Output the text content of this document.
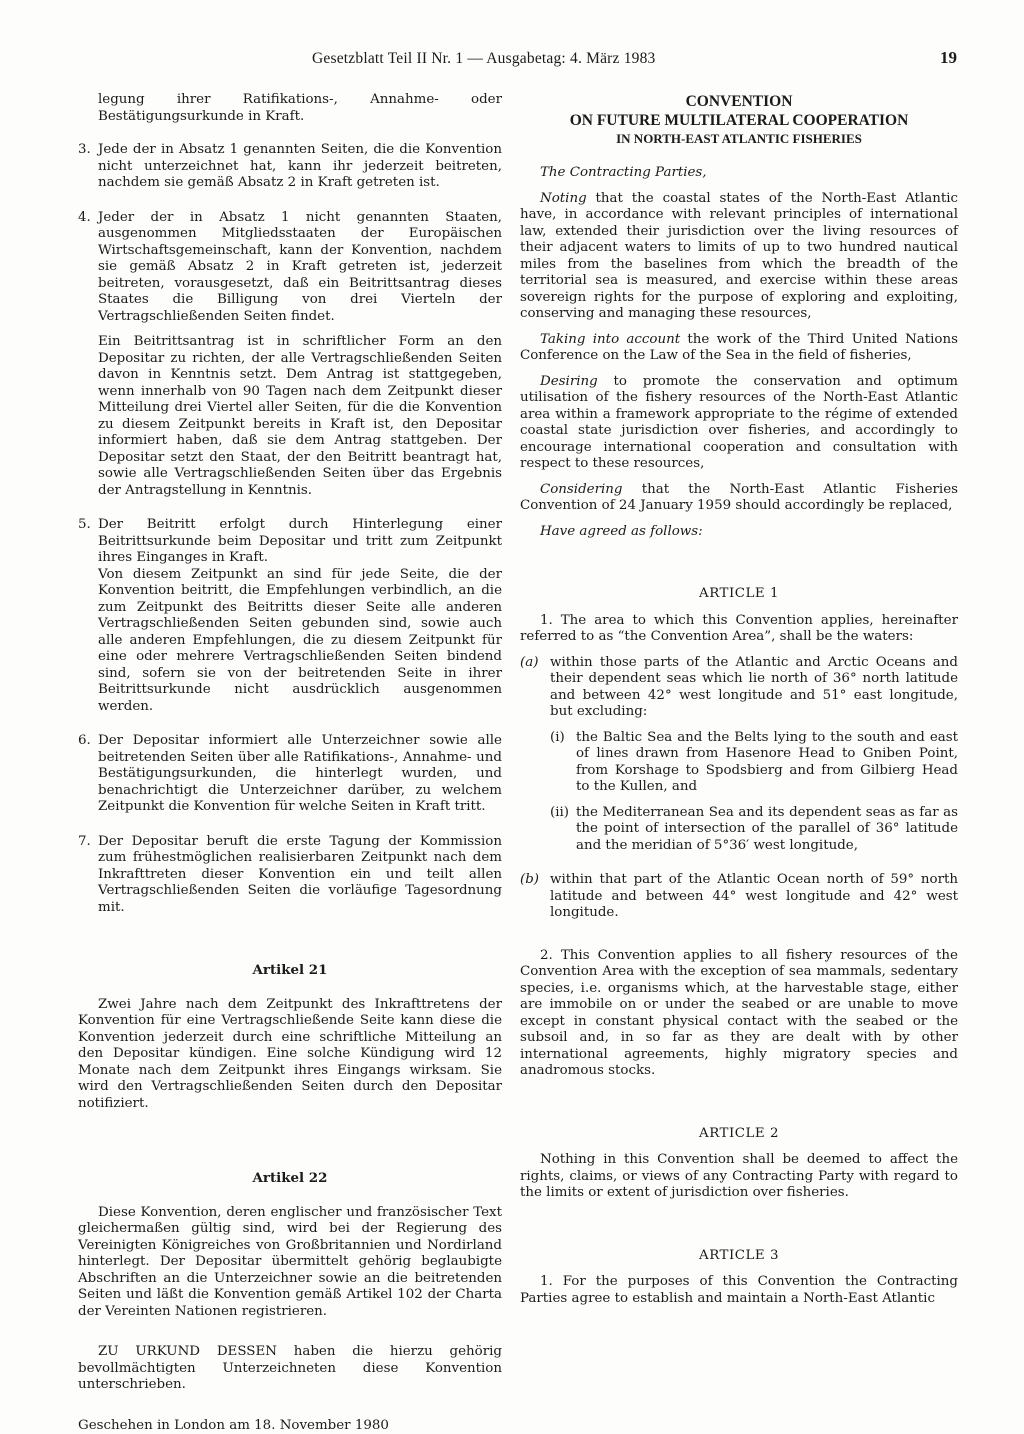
Gesetzblatt Teil II Nr. 1 — Ausgabetag: 4. März 1983	19

legung ihrer Ratifikations-, Annahme- oder Bestätigungsurkunde in Kraft.

3. Jede der in Absatz 1 genannten Seiten, die die Konvention nicht unterzeichnet hat, kann ihr jederzeit beitreten, nachdem sie gemäß Absatz 2 in Kraft getreten ist.
4. Jeder der in Absatz 1 nicht genannten Staaten, ausgenommen Mitgliedsstaaten der Europäischen Wirtschaftsgemeinschaft, kann der Konvention, nachdem sie gemäß Absatz 2 in Kraft getreten ist, jederzeit beitreten, vorausgesetzt, daß ein Beitrittsantrag dieses Staates die Billigung von drei Vierteln der Vertragschließenden Seiten findet.

Ein Beitrittsantrag ist in schriftlicher Form an den Depositar zu richten, der alle Vertragschließenden Seiten davon in Kenntnis setzt. Dem Antrag ist stattgegeben, wenn innerhalb von 90 Tagen nach dem Zeitpunkt dieser Mitteilung drei Viertel aller Seiten, für die die Konvention zu diesem Zeitpunkt bereits in Kraft ist, den Depositar informiert haben, daß sie dem Antrag stattgeben. Der Depositar setzt den Staat, der den Beitritt beantragt hat, sowie alle Vertragschließenden Seiten über das Ergebnis der Antragstellung in Kenntnis.

5. Der Beitritt erfolgt durch Hinterlegung einer Beitrittsurkunde beim Depositar und tritt zum Zeitpunkt ihres Einganges in Kraft.

Von diesem Zeitpunkt an sind für jede Seite, die der Konvention beitritt, die Empfehlungen verbindlich, an die zum Zeitpunkt des Beitritts dieser Seite alle anderen Vertragschließenden Seiten gebunden sind, sowie auch alle anderen Empfehlungen, die zu diesem Zeitpunkt für eine oder mehrere Vertragschließenden Seiten bindend sind, sofern sie von der beitretenden Seite in ihrer Beitrittsurkunde nicht ausdrücklich ausgenommen werden.

6. Der Depositar informiert alle Unterzeichner sowie alle beitretenden Seiten über alle Ratifikations-, Annahme- und Bestätigungsurkunden, die hinterlegt wurden, und benachrichtigt die Unterzeichner darüber, zu welchem Zeitpunkt die Konvention für welche Seiten in Kraft tritt.
7. Der Depositar beruft die erste Tagung der Kommission zum frühestmöglichen realisierbaren Zeitpunkt nach dem Inkrafttreten dieser Konvention ein und teilt allen Vertragschließenden Seiten die vorläufige Tagesordnung mit.

Artikel 21

Zwei Jahre nach dem Zeitpunkt des Inkrafttretens der Konvention für eine Vertragschließende Seite kann diese die Konvention jederzeit durch eine schriftliche Mitteilung an den Depositar kündigen. Eine solche Kündigung wird 12 Monate nach dem Zeitpunkt ihres Eingangs wirksam. Sie wird den Vertragschließenden Seiten durch den Depositar notifiziert.

Artikel 22

Diese Konvention, deren englischer und französischer Text gleichermaßen gültig sind, wird bei der Regierung des Vereinigten Königreiches von Großbritannien und Nordirland hinterlegt. Der Depositar übermittelt gehörig beglaubigte Abschriften an die Unterzeichner sowie an die beitretenden Seiten und läßt die Konvention gemäß Artikel 102 der Charta der Vereinten Nationen registrieren.

ZU URKUND DESSEN haben die hierzu gehörig bevollmächtigten Unterzeichneten diese Konvention unterschrieben.

Geschehen in London am 18. November 1980

CONVENTION

ON FUTURE MULTILATERAL COOPERATION

IN NORTH-EAST ATLANTIC FISHERIES

The Contracting Parties,

Noting that the coastal states of the North-East Atlantic have, in accordance with relevant principles of international law, extended their jurisdiction over the living resources of their adjacent waters to limits of up to two hundred nautical miles from the baselines from which the breadth of the territorial sea is measured, and exercise within these areas sovereign rights for the purpose of exploring and exploiting, conserving and managing these resources,

Taking into account the work of the Third United Nations Conference on the Law of the Sea in the field of fisheries,

Desiring to promote the conservation and optimum utilisation of the fishery resources of the North-East Atlantic area within a framework appropriate to the régime of extended coastal state jurisdiction over fisheries, and accordingly to encourage international cooperation and consultation with respect to these resources,

Considering that the North-East Atlantic Fisheries Convention of 24 January 1959 should accordingly be replaced,

Have agreed as follows:

ARTICLE 1

1. The area to which this Convention applies, hereinafter referred to as “the Convention Area”, shall be the waters:

(a) within those parts of the Atlantic and Arctic Oceans and their dependent seas which lie north of 36° north latitude and between 42° west longitude and 51° east longitude, but excluding:
(i) the Baltic Sea and the Belts lying to the south and east of lines drawn from Hasenore Head to Gniben Point, from Korshage to Spodsbierg and from Gilbierg Head to the Kullen, and
(ii) the Mediterranean Sea and its dependent seas as far as the point of intersection of the parallel of 36° latitude and the meridian of 5°36′ west longitude,
(b) within that part of the Atlantic Ocean north of 59° north latitude and between 44° west longitude and 42° west longitude.

2. This Convention applies to all fishery resources of the Convention Area with the exception of sea mammals, sedentary species, i.e. organisms which, at the harvestable stage, either are immobile on or under the seabed or are unable to move except in constant physical contact with the seabed or the subsoil and, in so far as they are dealt with by other international agreements, highly migratory species and anadromous stocks.

ARTICLE 2

Nothing in this Convention shall be deemed to affect the rights, claims, or views of any Contracting Party with regard to the limits or extent of jurisdiction over fisheries.

ARTICLE 3

1. For the purposes of this Convention the Contracting Parties agree to establish and maintain a North-East Atlantic
